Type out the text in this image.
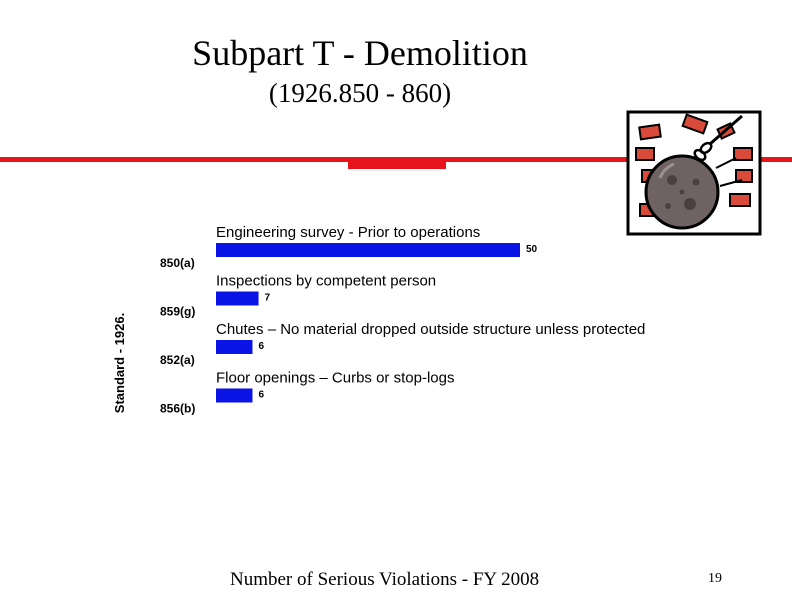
Subpart T - Demolition
(1926.850 - 860)
Standard - 1926.
Engineering survey - Prior to operations
50
850(a)
Inspections by competent person
7
859(g)
Chutes – No material dropped outside structure unless protected
6
852(a)
Floor openings – Curbs or stop-logs
6
856(b)
Number of Serious Violations - FY 2008	19
